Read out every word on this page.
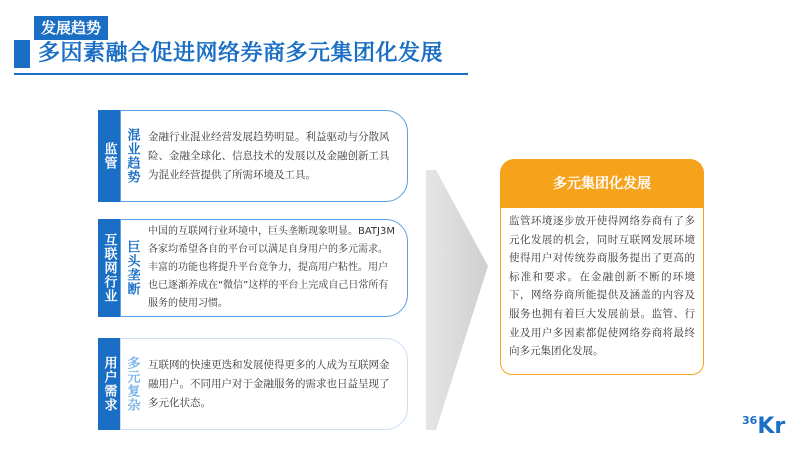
发展趋势
多因素融合促进网络券商多元集团化发展
监管 混业趋势 金融行业混业经营发展趋势明显。利益驱动与分散风险、金融全球化、信息技术的发展以及金融创新工具为混业经营提供了所需环境及工具。
互联网行业 巨头垄断
中国的互联网行业环境中，巨头垄断现象明显。BATJ3M各家均希望各自的平台可以满足自身用户的多元需求。丰富的功能也将提升平台竞争力，提高用户粘性。用户也已逐渐养成在“微信”这样的平台上完成自己日常所有服务的使用习惯。
用户需求 多元复杂 互联网的快速更迭和发展使得更多的人成为互联网金融用户。不同用户对于金融服务的需求也日益呈现了多元化状态。
多元集团化发展
监管环境逐步放开使得网络券商有了多元化发展的机会，同时互联网发展环境使得用户对传统券商服务提出了更高的标准和要求。在金融创新不断的环境下，网络券商所能提供及涵盖的内容及服务也拥有着巨大发展前景。监管、行业及用户多因素都促使网络券商将最终向多元集团化发展。
$^{36}$Kr
